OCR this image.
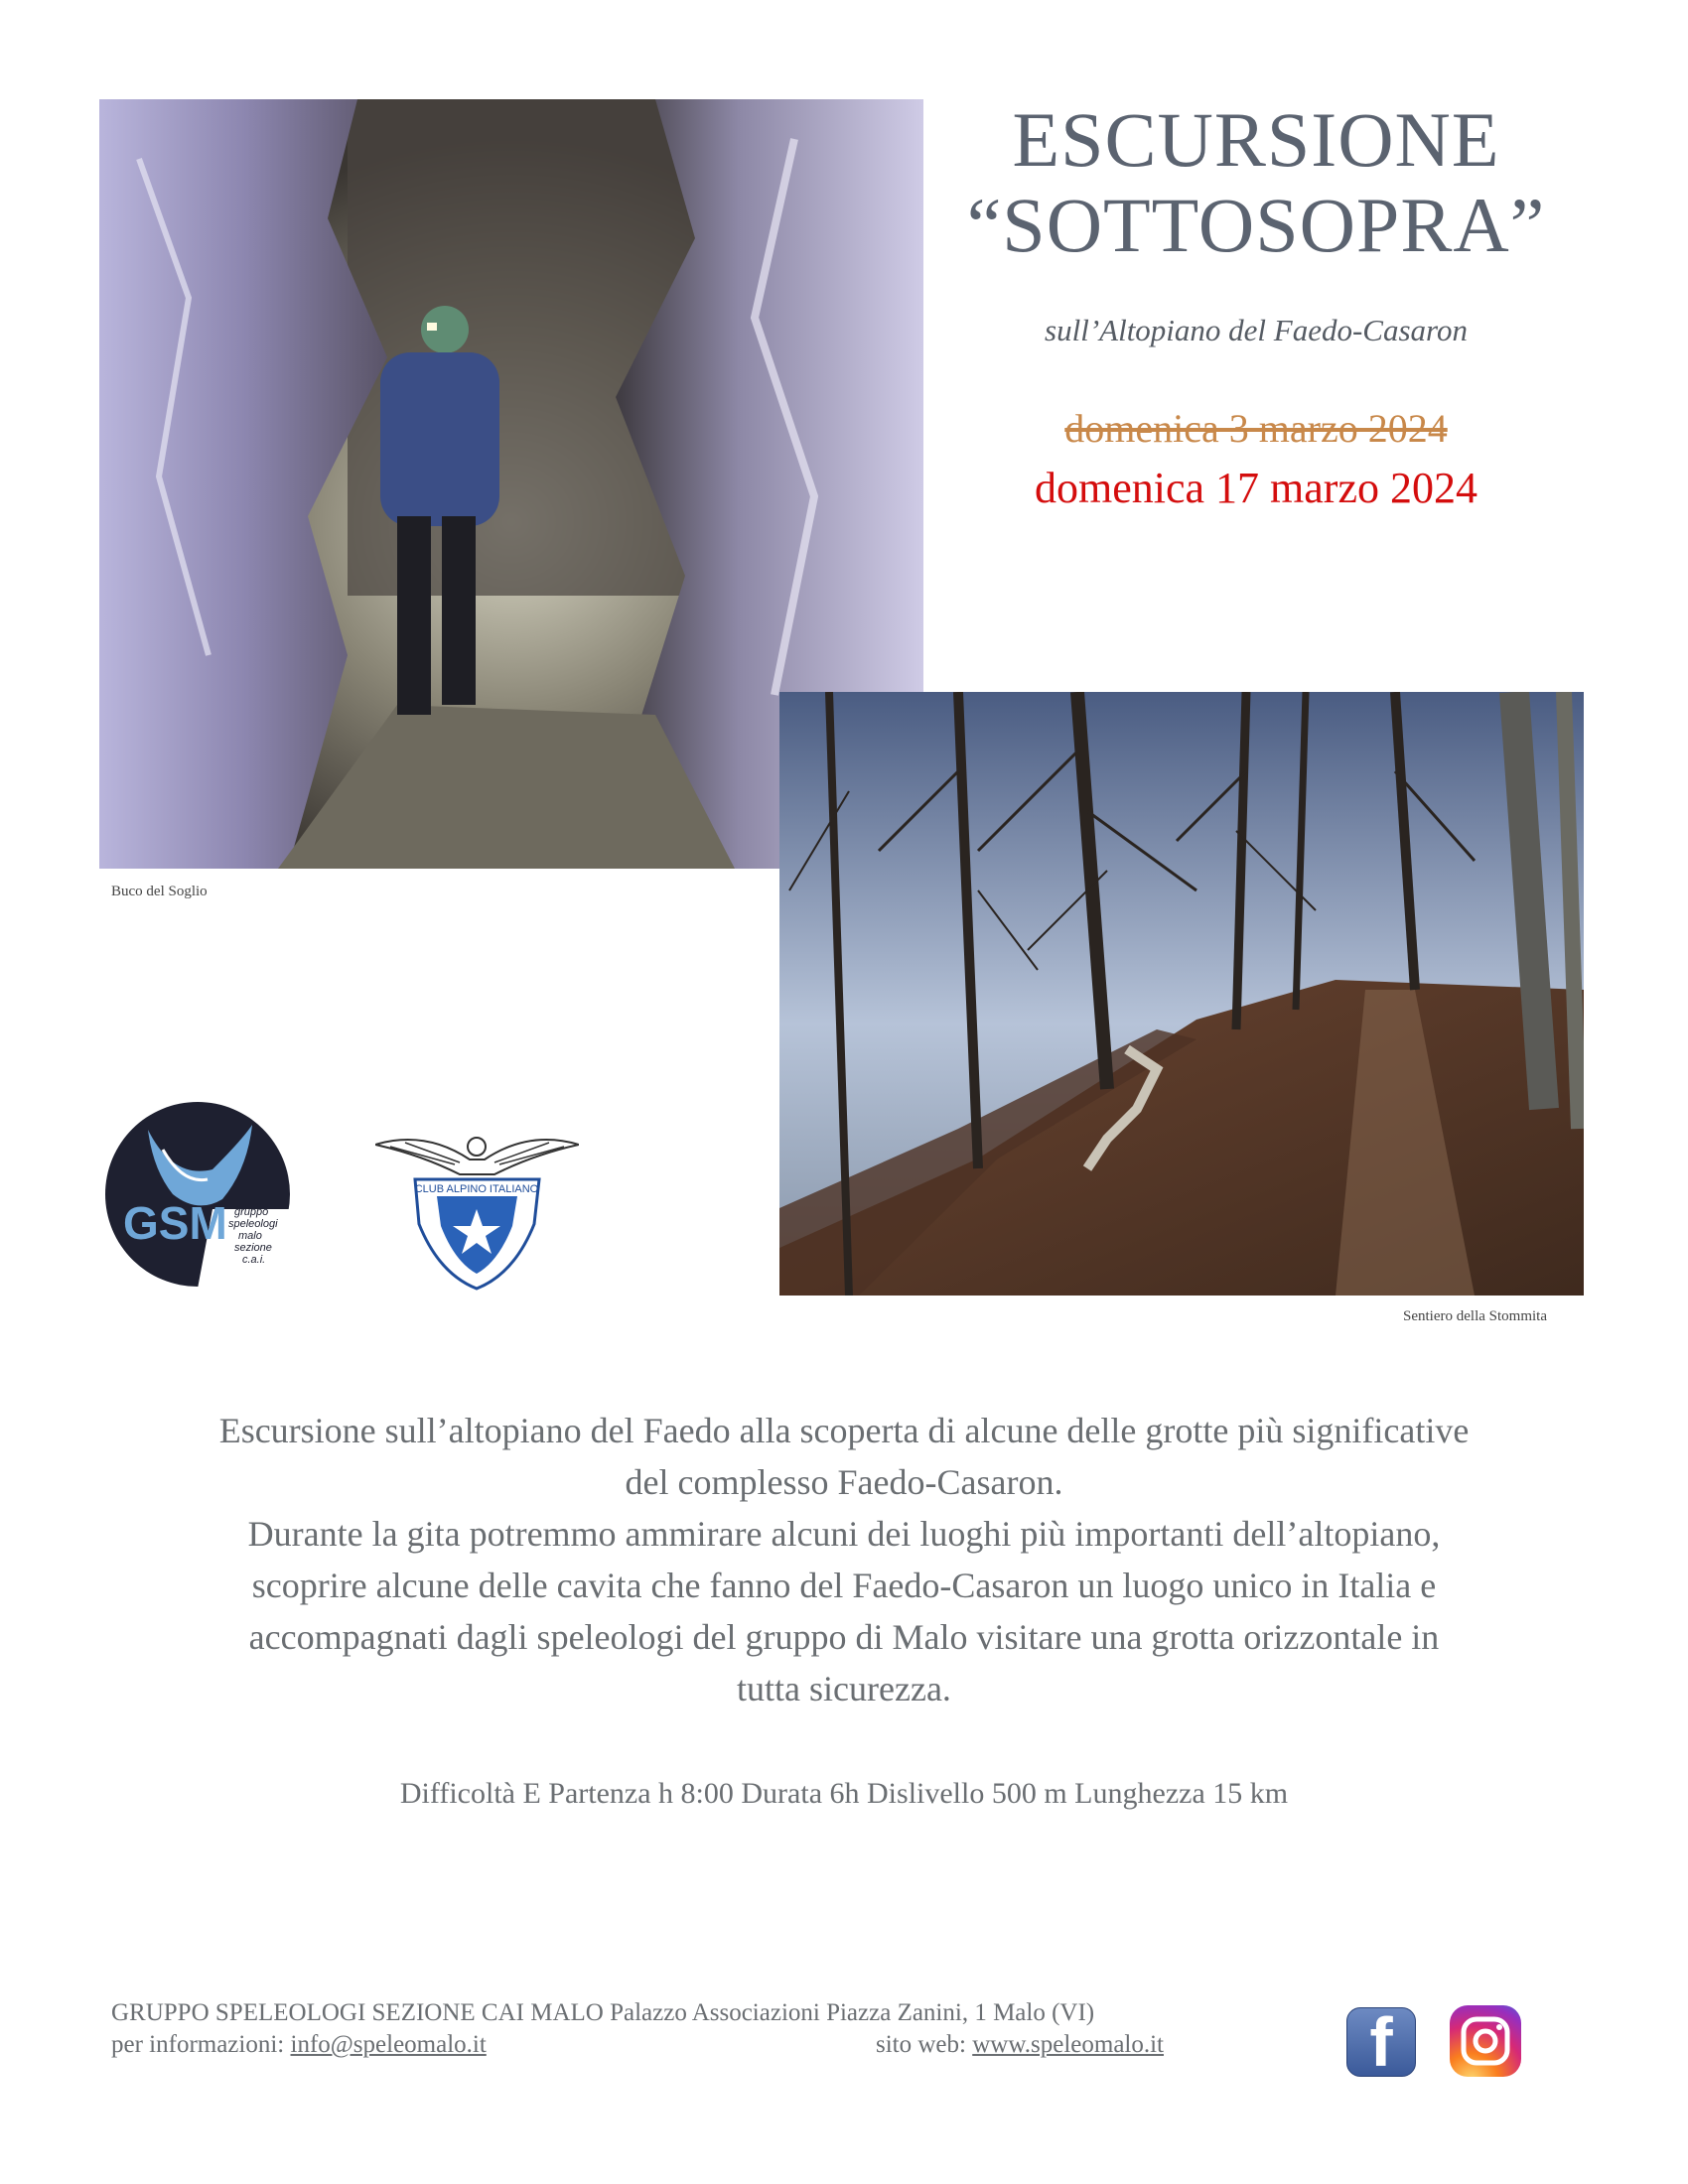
Buco del Soglio
Sentiero della Stommita
ESCURSIONE
“SOTTOSOPRA”
sull’Altopiano del Faedo-Casaron
domenica 3 marzo 2024
domenica 17 marzo 2024
GSM gruppo
speleologi
malo
sezione
c.a.i.
CLUB ALPINO ITALIANO
Escursione sull’altopiano del Faedo alla scoperta di alcune delle grotte più significative
del complesso Faedo-Casaron.
Durante la gita potremmo ammirare alcuni dei luoghi più importanti dell’altopiano,
scoprire alcune delle cavita che fanno del Faedo-Casaron un luogo unico in Italia e
accompagnati dagli speleologi del gruppo di Malo visitare una grotta orizzontale in
tutta sicurezza.
Difficoltà E Partenza h 8:00 Durata 6h Dislivello 500 m Lunghezza 15 km
GRUPPO SPELEOLOGI SEZIONE CAI MALO Palazzo Associazioni Piazza Zanini, 1 Malo (VI)
per informazioni: info@speleomalo.it	sito web: www.speleomalo.it	f
